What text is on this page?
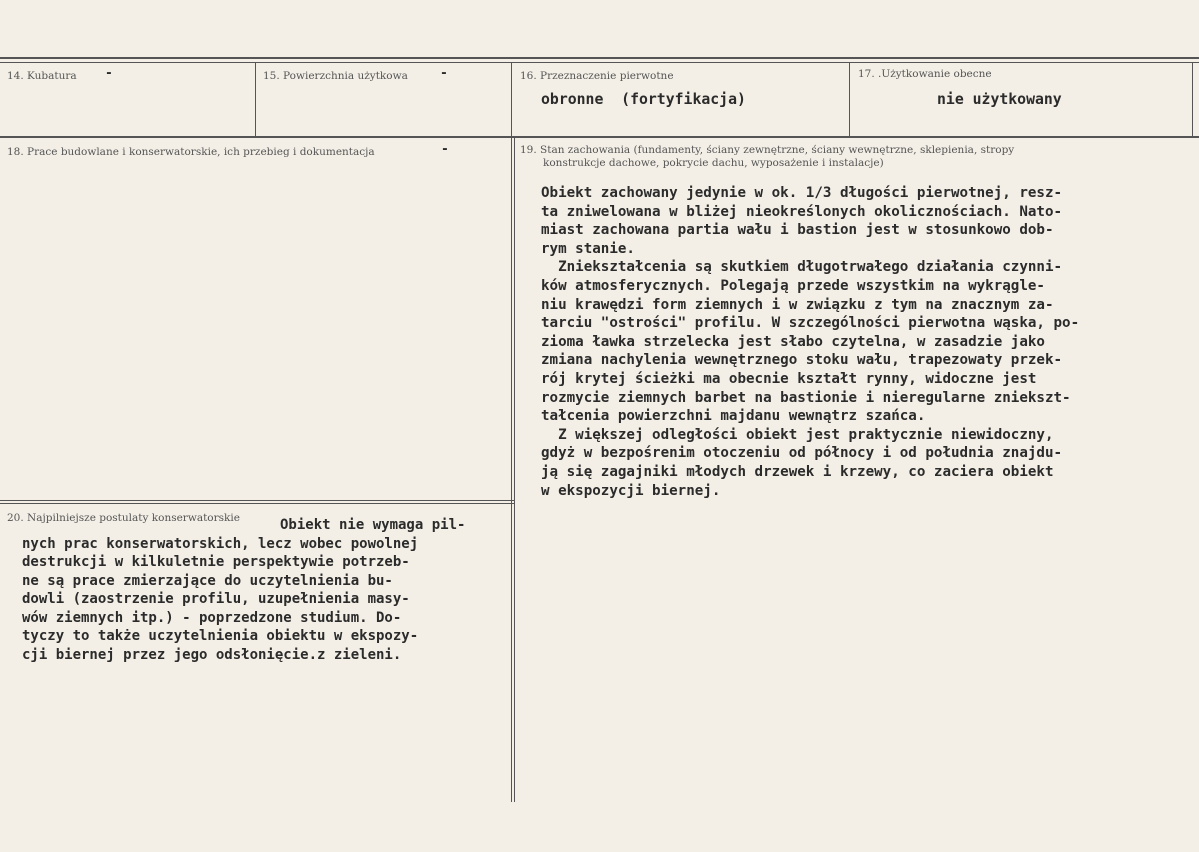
14. Kubatura -	15. Powierzchnia użytkowa -	16. Przeznaczenie pierwotne
obronne  (fortyfikacja)
17. .Użytkowanie obecne
nie użytkowany
18. Prace budowlane i konserwatorskie, ich przebieg i dokumentacja	-	19. Stan zachowania (fundamenty, ściany zewnętrzne, ściany wewnętrzne, sklepienia, stropy
konstrukcje dachowe, pokrycie dachu, wyposażenie i instalacje)
Obiekt zachowany jedynie w ok. 1/3 długości pierwotnej, resz-
ta zniwelowana w bliżej nieokreślonych okolicznościach. Nato-
miast zachowana partia wału i bastion jest w stosunkowo dob-
rym stanie.
Zniekształcenia są skutkiem długotrwałego działania czynni-
ków atmosferycznych. Polegają przede wszystkim na wykrągle-
niu krawędzi form ziemnych i w związku z tym na znacznym za-
tarciu "ostrości" profilu. W szczególności pierwotna wąska, po-
zioma ławka strzelecka jest słabo czytelna, w zasadzie jako
zmiana nachylenia wewnętrznego stoku wału, trapezowaty przek-
rój krytej ścieżki ma obecnie kształt rynny, widoczne jest
rozmycie ziemnych barbet na bastionie i nieregularne zniekszt-
tałcenia powierzchni majdanu wewnątrz szańca.
Z większej odległości obiekt jest praktycznie niewidoczny,
gdyż w bezpośrenim otoczeniu od północy i od południa znajdu-
ją się zagajniki młodych drzewek i krzewy, co zaciera obiekt
w ekspozycji biernej.
20. Najpilniejsze postulaty konserwatorskie	Obiekt nie wymaga pil-
nych prac konserwatorskich, lecz wobec powolnej
destrukcji w kilkuletnie perspektywie potrzeb-
ne są prace zmierzające do uczytelnienia bu-
dowli (zaostrzenie profilu, uzupełnienia masy-
wów ziemnych itp.) - poprzedzone studium. Do-
tyczy to także uczytelnienia obiektu w ekspozy-
cji biernej przez jego odsłonięcie.z zieleni.
